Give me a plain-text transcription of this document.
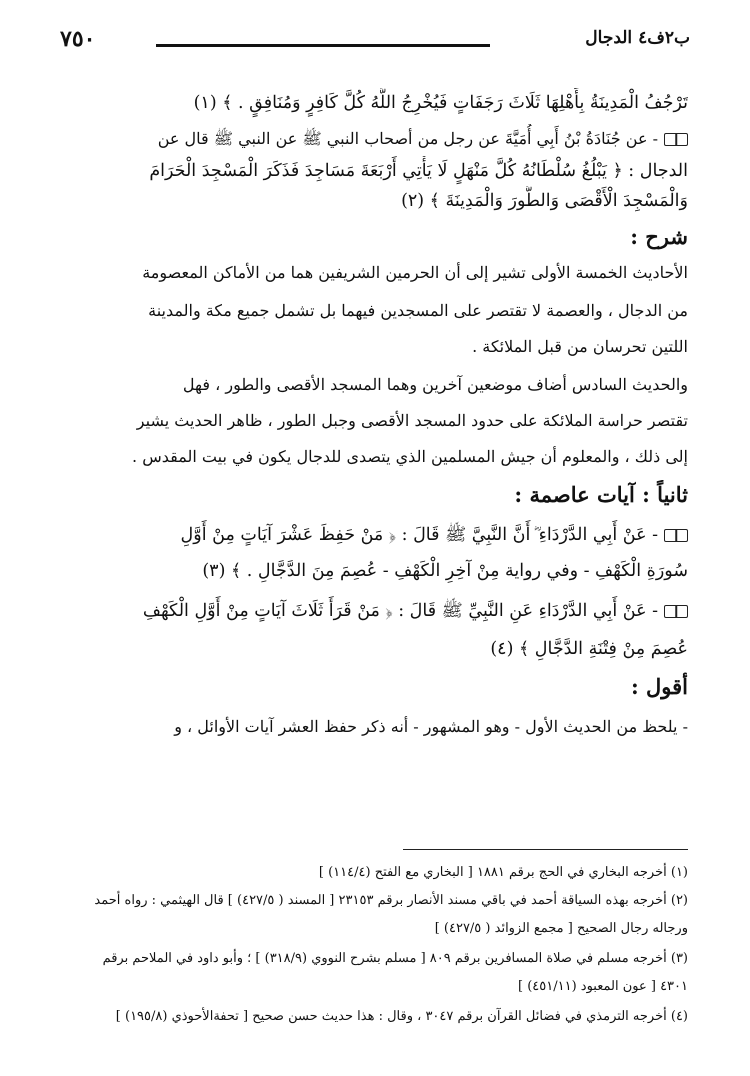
ب٢ف٤ الدجال
٧٥٠
تَرْجُفُ الْمَدِينَةُ بِأَهْلِهَا ثَلَاثَ رَجَفَاتٍ فَيُخْرِجُ اللَّهُ كُلَّ كَافِرٍ وَمُنَافِقٍ . ﴾ (١)
- عن جُنَادَةُ بْنُ أَبِي أُمَيَّةَ عن رجل من أصحاب النبي ﷺ عن النبي ﷺ قال عن
الدجال : ﴿ يَبْلُغُ سُلْطَانُهُ كُلَّ مَنْهَلٍ لَا يَأْتِي أَرْبَعَةَ مَسَاجِدَ فَذَكَرَ الْمَسْجِدَ الْحَرَامَ
وَالْمَسْجِدَ الْأَقْصَى وَالطُّورَ وَالْمَدِينَةَ ﴾ (٢)
شرح :
الأحاديث الخمسة الأولى تشير إلى أن الحرمين الشريفين هما من الأماكن المعصومة
من الدجال ، والعصمة لا تقتصر على المسجدين فيهما بل تشمل جميع مكة والمدينة
اللتين تحرسان من قبل الملائكة .
والحديث السادس أضاف موضعين آخرين وهما المسجد الأقصى والطور ، فهل
تقتصر حراسة الملائكة على حدود المسجد الأقصى وجبل الطور ، ظاهر الحديث يشير
إلى ذلك ، والمعلوم أن جيش المسلمين الذي يتصدى للدجال يكون في بيت المقدس .
ثانياً : آيات عاصمة :
- عَنْ أَبِي الدَّرْدَاءِ ؓ أَنَّ النَّبِيَّ ﷺ قَالَ : ﴿ مَنْ حَفِظَ عَشْرَ آيَاتٍ مِنْ أَوَّلِ
سُورَةِ الْكَهْفِ - وفي رواية مِنْ آخِرِ الْكَهْفِ - عُصِمَ مِنَ الدَّجَّالِ . ﴾ (٣)
- عَنْ أَبِي الدَّرْدَاءِ عَنِ النَّبِيِّ ﷺ قَالَ : ﴿ مَنْ قَرَأَ ثَلَاثَ آيَاتٍ مِنْ أَوَّلِ الْكَهْفِ
عُصِمَ مِنْ فِتْنَةِ الدَّجَّالِ ﴾ (٤)
أقول :
- يلحظ من الحديث الأول - وهو المشهور - أنه ذكر حفظ العشر آيات الأوائل ، و
(١) أخرجه البخاري في الحج برقم ١٨٨١ [ البخاري مع الفتح (١١٤/٤) ]
(٢) أخرجه بهذه السياقة أحمد في باقي مسند الأنصار برقم ٢٣١٥٣ [ المسند ( ٤٢٧/٥) ] قال الهيثمي : رواه أحمد
ورجاله رجال الصحيح [ مجمع الزوائد ( ٤٢٧/٥) ]
(٣) أخرجه مسلم في صلاة المسافرين برقم ٨٠٩ [ مسلم بشرح النووي (٣١٨/٩) ] ؛ وأبو داود في الملاحم برقم
٤٣٠١ [ عون المعبود (٤٥١/١١) ]
(٤) أخرجه الترمذي في فضائل القرآن برقم ٣٠٤٧ ، وقال : هذا حديث حسن صحيح [ تحفةالأحوذي (١٩٥/٨) ]
